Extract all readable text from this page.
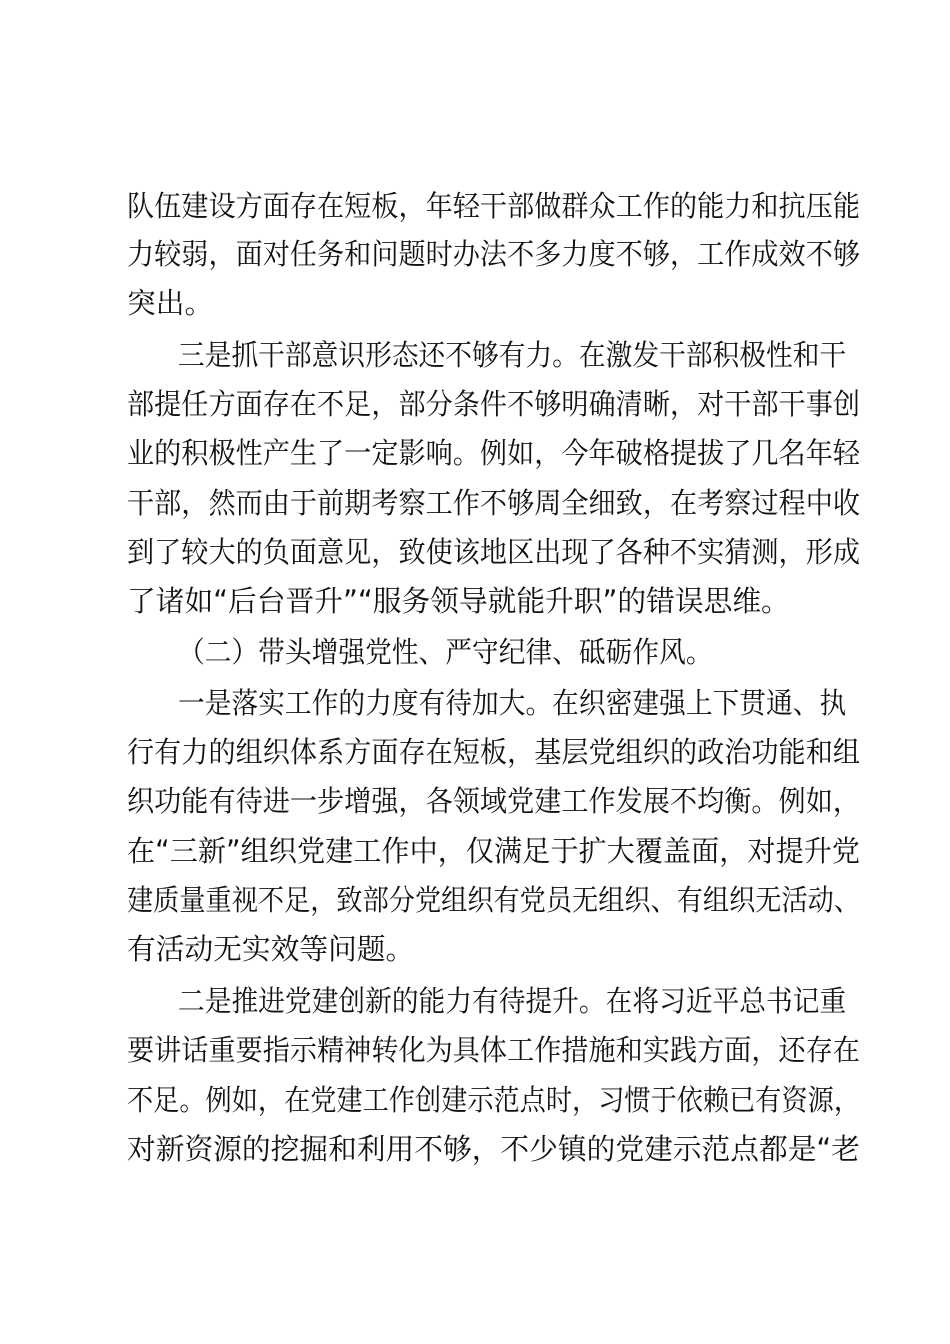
队伍建设方面存在短板，年轻干部做群众工作的能力和抗压能
力较弱，面对任务和问题时办法不多力度不够，工作成效不够
突出。
三是抓干部意识形态还不够有力。在激发干部积极性和干
部提任方面存在不足，部分条件不够明确清晰，对干部干事创
业的积极性产生了一定影响。例如，今年破格提拔了几名年轻
干部，然而由于前期考察工作不够周全细致，在考察过程中收
到了较大的负面意见，致使该地区出现了各种不实猜测，形成
了诸如“后台晋升”“服务领导就能升职”的错误思维。
（二）带头增强党性、严守纪律、砥砺作风。
一是落实工作的力度有待加大。在织密建强上下贯通、执
行有力的组织体系方面存在短板，基层党组织的政治功能和组
织功能有待进一步增强，各领域党建工作发展不均衡。例如，
在“三新”组织党建工作中，仅满足于扩大覆盖面，对提升党
建质量重视不足，致部分党组织有党员无组织、有组织无活动、
有活动无实效等问题。
二是推进党建创新的能力有待提升。在将习近平总书记重
要讲话重要指示精神转化为具体工作措施和实践方面，还存在
不足。例如，在党建工作创建示范点时，习惯于依赖已有资源，
对新资源的挖掘和利用不够，不少镇的党建示范点都是“老
